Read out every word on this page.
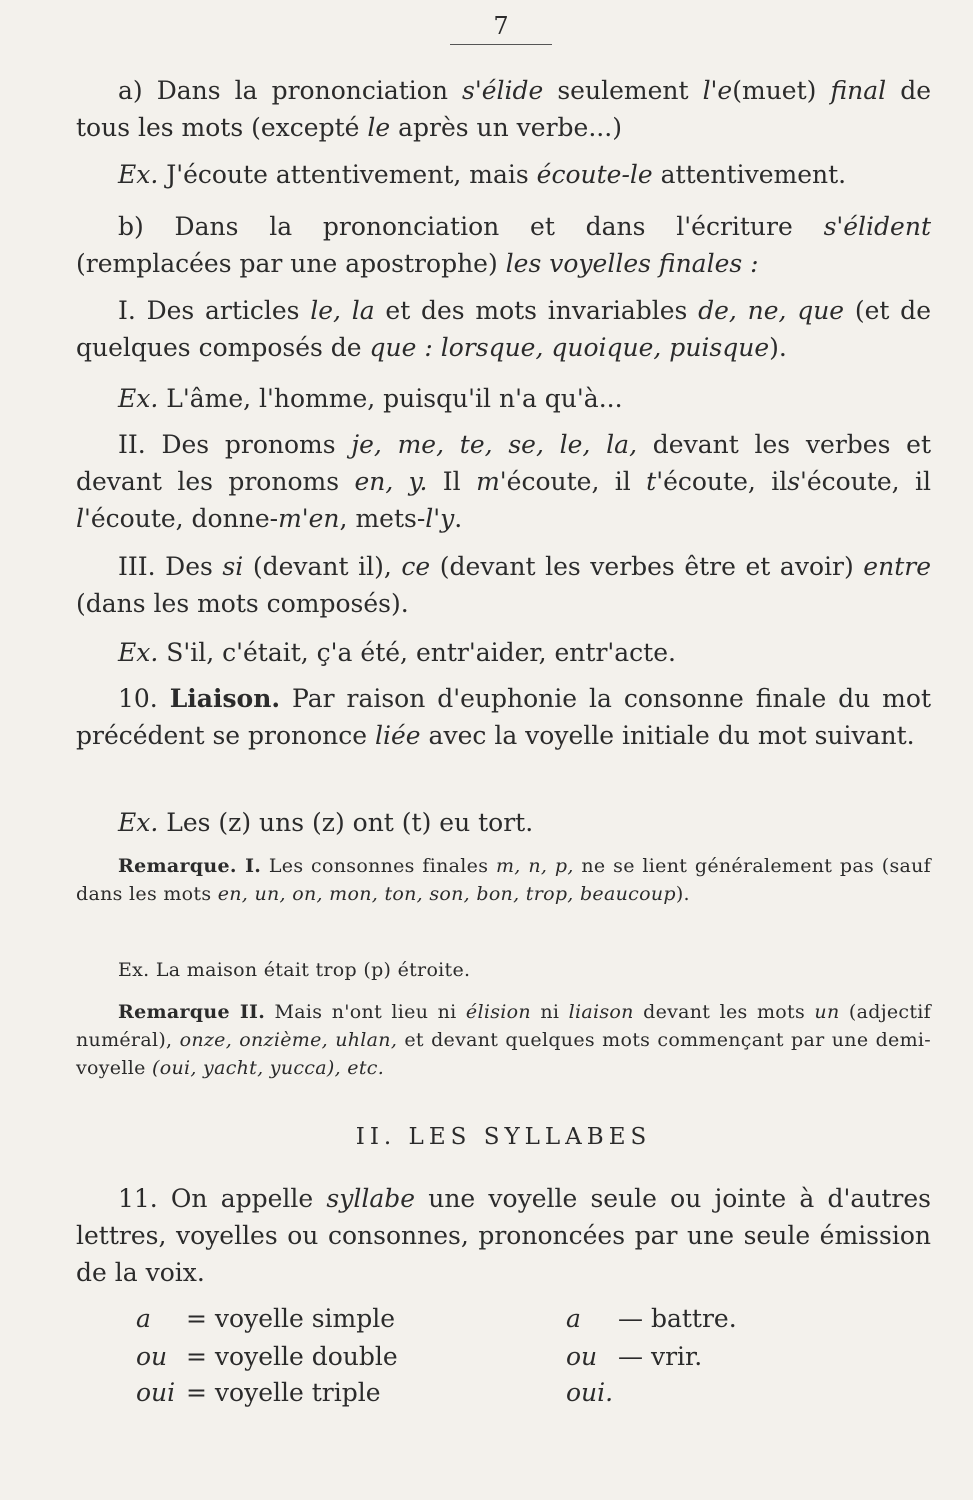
7
a) Dans la prononciation s'élide seulement l'e(muet) final de tous les mots (excepté le après un verbe...)
Ex. J'écoute attentivement, mais écoute-le attentivement.
b) Dans la prononciation et dans l'écriture s'élident (remplacées par une apostrophe) les voyelles finales :
I. Des articles le, la et des mots invariables de, ne, que (et de quelques composés de que : lorsque, quoique, puisque).
Ex. L'âme, l'homme, puisqu'il n'a qu'à...
II. Des pronoms je, me, te, se, le, la, devant les verbes et devant les pronoms en, y. Il m'écoute, il t'écoute, ils'écoute, il l'écoute, donne-m'en, mets-l'y.
III. Des si (devant il), ce (devant les verbes être et avoir) entre (dans les mots composés).
Ex. S'il, c'était, ç'a été, entr'aider, entr'acte.
10. Liaison. Par raison d'euphonie la consonne finale du mot précédent se prononce liée avec la voyelle initiale du mot suivant.
Ex. Les (z) uns (z) ont (t) eu tort.
Remarque. I. Les consonnes finales m, n, p, ne se lient généralement pas (sauf dans les mots en, un, on, mon, ton, son, bon, trop, beaucoup).
Ex. La maison était trop (p) étroite.
Remarque II. Mais n'ont lieu ni élision ni liaison devant les mots un (adjectif numéral), onze, onzième, uhlan, et devant quelques mots commençant par une demi-voyelle (oui, yacht, yucca), etc.
II. LES SYLLABES
11. On appelle syllabe une voyelle seule ou jointe à d'autres lettres, voyelles ou consonnes, prononcées par une seule émission de la voix.
a = voyelle simple	a — battre.
ou = voyelle double	ou — vrir.
oui = voyelle triple	oui.
